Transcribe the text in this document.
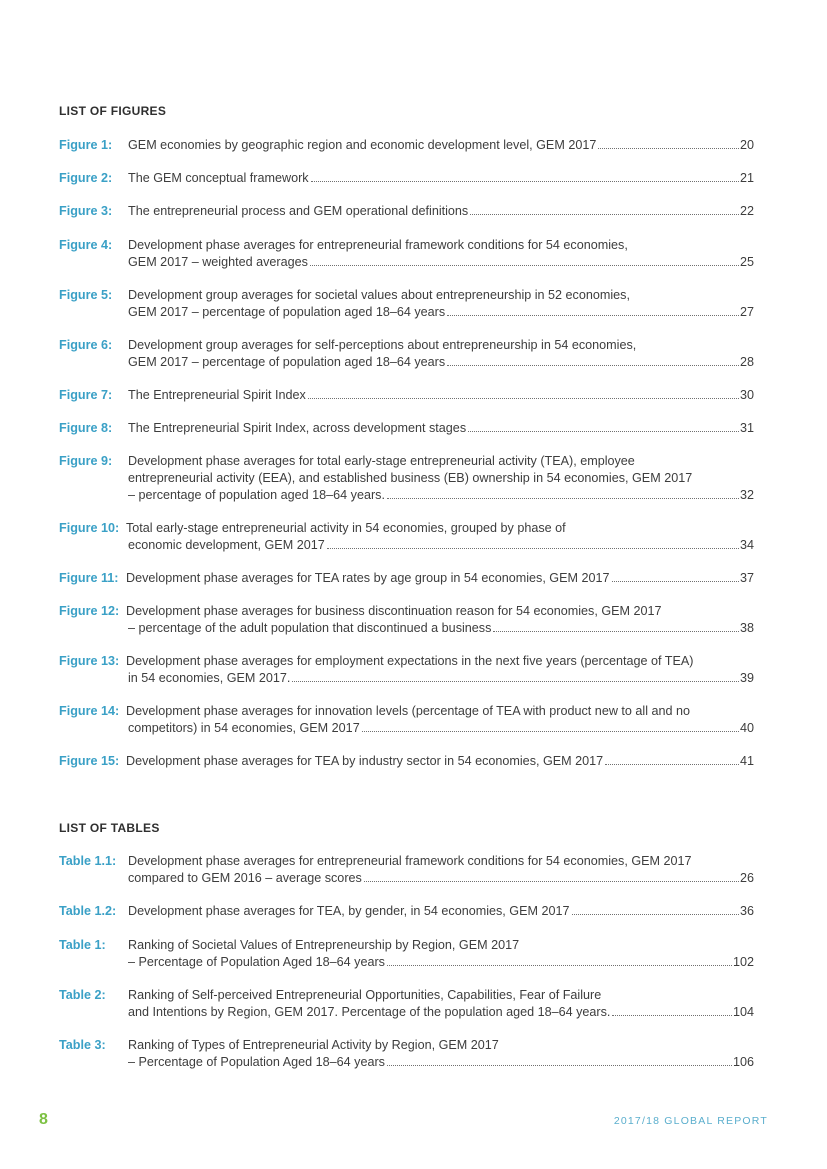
LIST OF FIGURES
Figure 1: GEM economies by geographic region and economic development level, GEM 2017	20
Figure 2: The GEM conceptual framework	21
Figure 3: The entrepreneurial process and GEM operational definitions	22
Figure 4: Development phase averages for entrepreneurial framework conditions for 54 economies,
GEM 2017 – weighted averages	25
Figure 5: Development group averages for societal values about entrepreneurship in 52 economies,
GEM 2017 – percentage of population aged 18–64 years	27
Figure 6: Development group averages for self-perceptions about entrepreneurship in 54 economies,
GEM 2017 – percentage of population aged 18–64 years	28
Figure 7: The Entrepreneurial Spirit Index	30
Figure 8: The Entrepreneurial Spirit Index, across development stages	31
Figure 9: Development phase averages for total early-stage entrepreneurial activity (TEA), employee
entrepreneurial activity (EEA), and established business (EB) ownership in 54 economies, GEM 2017
– percentage of population aged 18–64 years.	32
Figure 10: Total early-stage entrepreneurial activity in 54 economies, grouped by phase of
economic development, GEM 2017	34
Figure 11: Development phase averages for TEA rates by age group in 54 economies, GEM 2017	37
Figure 12: Development phase averages for business discontinuation reason for 54 economies, GEM 2017
– percentage of the adult population that discontinued a business	38
Figure 13: Development phase averages for employment expectations in the next five years (percentage of TEA)
in 54 economies, GEM 2017.	39
Figure 14: Development phase averages for innovation levels (percentage of TEA with product new to all and no
competitors) in 54 economies, GEM 2017	40
Figure 15: Development phase averages for TEA by industry sector in 54 economies, GEM 2017	41
LIST OF TABLES
Table 1.1: Development phase averages for entrepreneurial framework conditions for 54 economies, GEM 2017
compared to GEM 2016 – average scores	26
Table 1.2: Development phase averages for TEA, by gender, in 54 economies, GEM 2017	36
Table 1: Ranking of Societal Values of Entrepreneurship by Region, GEM 2017
– Percentage of Population Aged 18–64 years	102
Table 2: Ranking of Self-perceived Entrepreneurial Opportunities, Capabilities, Fear of Failure
and Intentions by Region, GEM 2017. Percentage of the population aged 18–64 years.	104
Table 3: Ranking of Types of Entrepreneurial Activity by Region, GEM 2017
– Percentage of Population Aged 18–64 years	106
8	2017/18 GLOBAL REPORT
